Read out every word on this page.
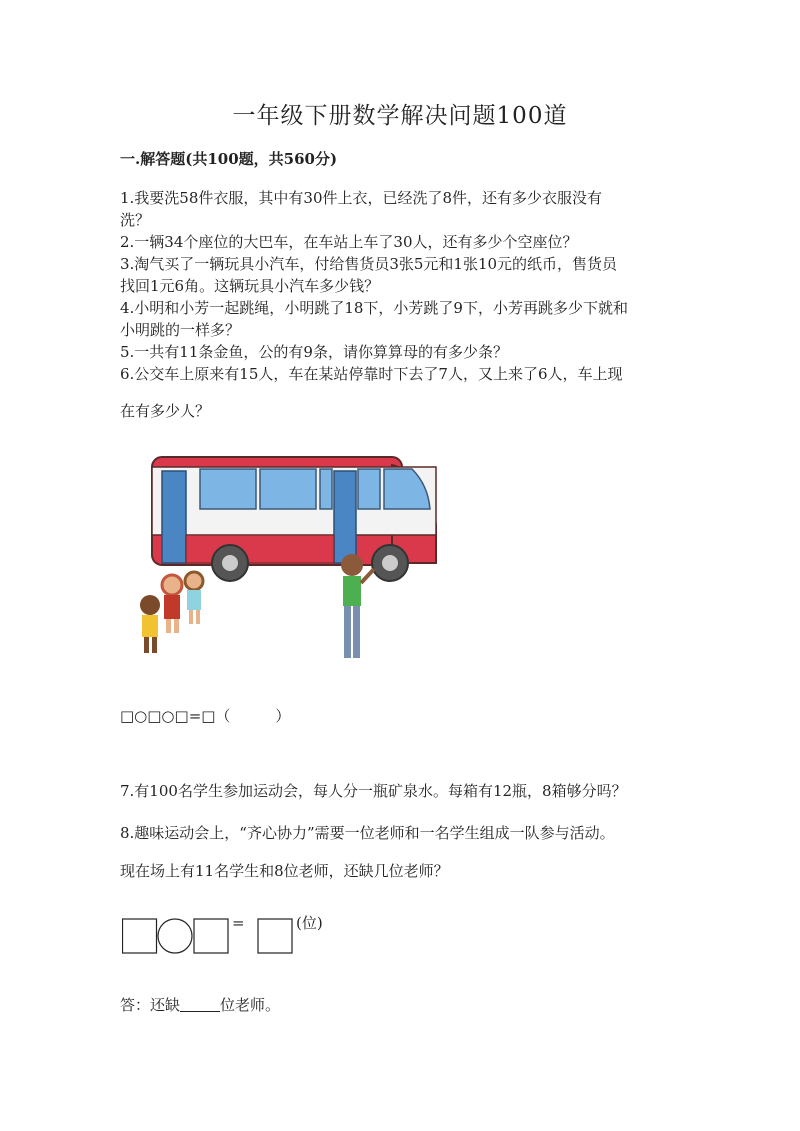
一年级下册数学解决问题100道
一.解答题(共100题，共560分)
1.我要洗58件衣服，其中有30件上衣，已经洗了8件，还有多少衣服没有
洗？
2.一辆34个座位的大巴车，在车站上车了30人，还有多少个空座位？
3.淘气买了一辆玩具小汽车，付给售货员3张5元和1张10元的纸币，售货员
找回1元6角。这辆玩具小汽车多少钱？
4.小明和小芳一起跳绳，小明跳了18下，小芳跳了9下，小芳再跳多少下就和
小明跳的一样多？
5.一共有11条金鱼，公的有9条，请你算算母的有多少条？
6.公交车上原来有15人，车在某站停靠时下去了7人，又上来了6人，车上现
在有多少人？
□○□○□=□（　　　）
7.有100名学生参加运动会，每人分一瓶矿泉水。每箱有12瓶，8箱够分吗？
8.趣味运动会上，“齐心协力”需要一位老师和一名学生组成一队参与活动。
现在场上有11名学生和8位老师，还缺几位老师？
=	(位)
答：还缺	位老师。
